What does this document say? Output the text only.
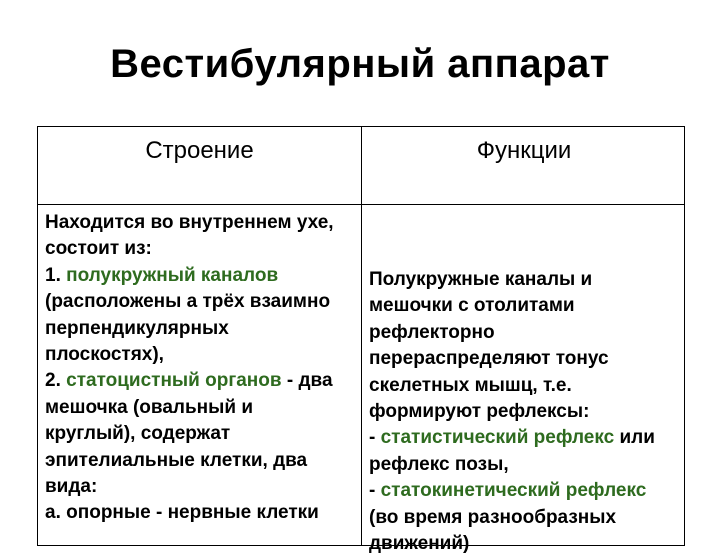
Вестибулярный аппарат
Строение	Функции
Находится во внутреннем ухе,
состоит из:
1. полукружный каналов
(расположены а трёх взаимно
перпендикулярных
плоскостях),
2. статоцистный органов - два
мешочка (овальный и
круглый), содержат
эпителиальные клетки, два
вида:
а. опорные - нервные клетки
Полукружные каналы и
мешочки с отолитами
рефлекторно
перераспределяют тонус
скелетных мышц, т.е.
формируют рефлексы:
- статистический рефлекс или
рефлекс позы,
- статокинетический рефлекс
(во время разнообразных
движений)
